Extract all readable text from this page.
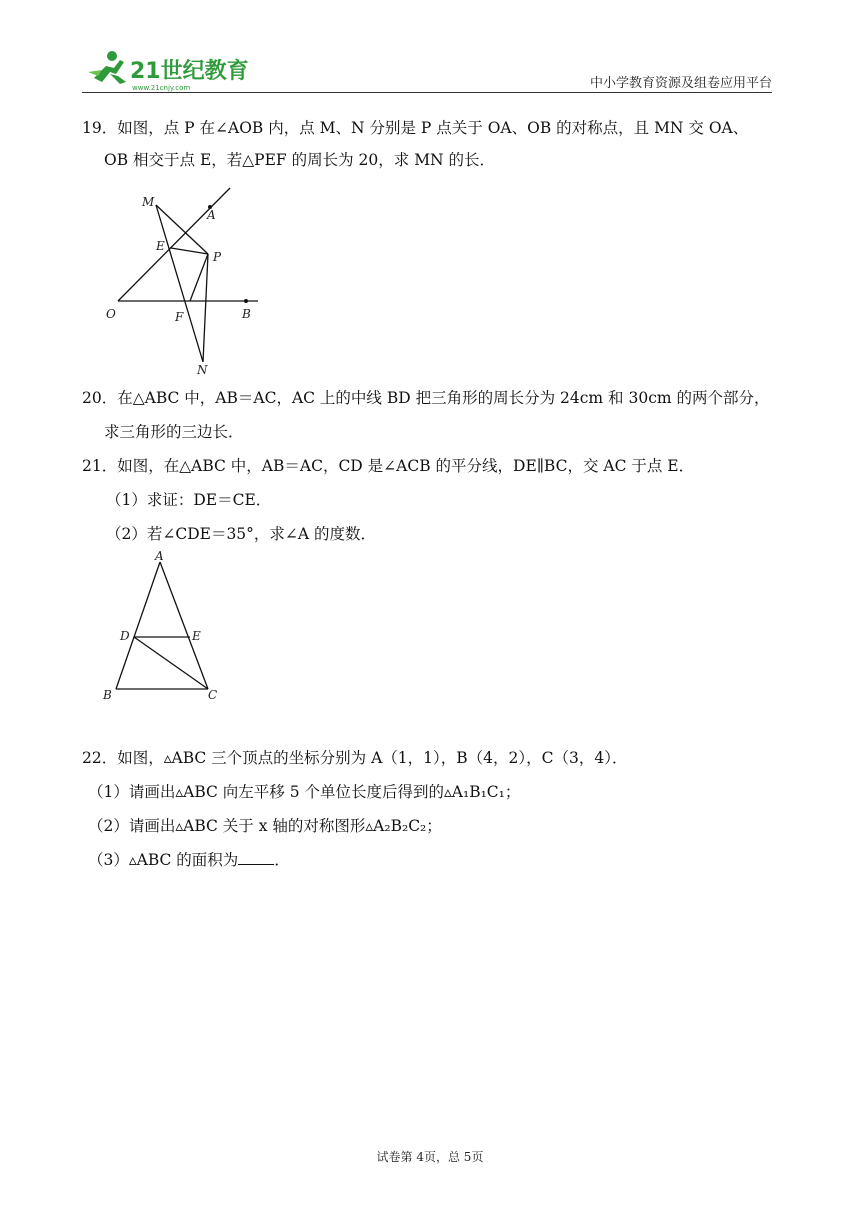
21世纪教育
www.21cnjy.com	中小学教育资源及组卷应用平台
19．如图，点 P 在∠AOB 内，点 M、N 分别是 P 点关于 OA、OB 的对称点，且 MN 交 OA、
OB 相交于点 E，若△PEF 的周长为 20，求 MN 的长．
M
A
E
P
O	F	B
N
20．在△ABC 中，AB＝AC，AC 上的中线 BD 把三角形的周长分为 24cm 和 30cm 的两个部分，
求三角形的三边长．
21．如图，在△ABC 中，AB＝AC，CD 是∠ACB 的平分线，DE∥BC，交 AC 于点 E．
（1）求证：DE＝CE．
（2）若∠CDE＝35°，求∠A 的度数．
A
D	E
B	C
22．如图，▵ABC 三个顶点的坐标分别为 A（1，1），B（4，2），C（3，4）．
（1）请画出▵ABC 向左平移 5 个单位长度后得到的▵A₁B₁C₁；
（2）请画出▵ABC 关于 x 轴的对称图形▵A₂B₂C₂；
（3）▵ABC 的面积为 ．
试卷第 4页，总 5页
